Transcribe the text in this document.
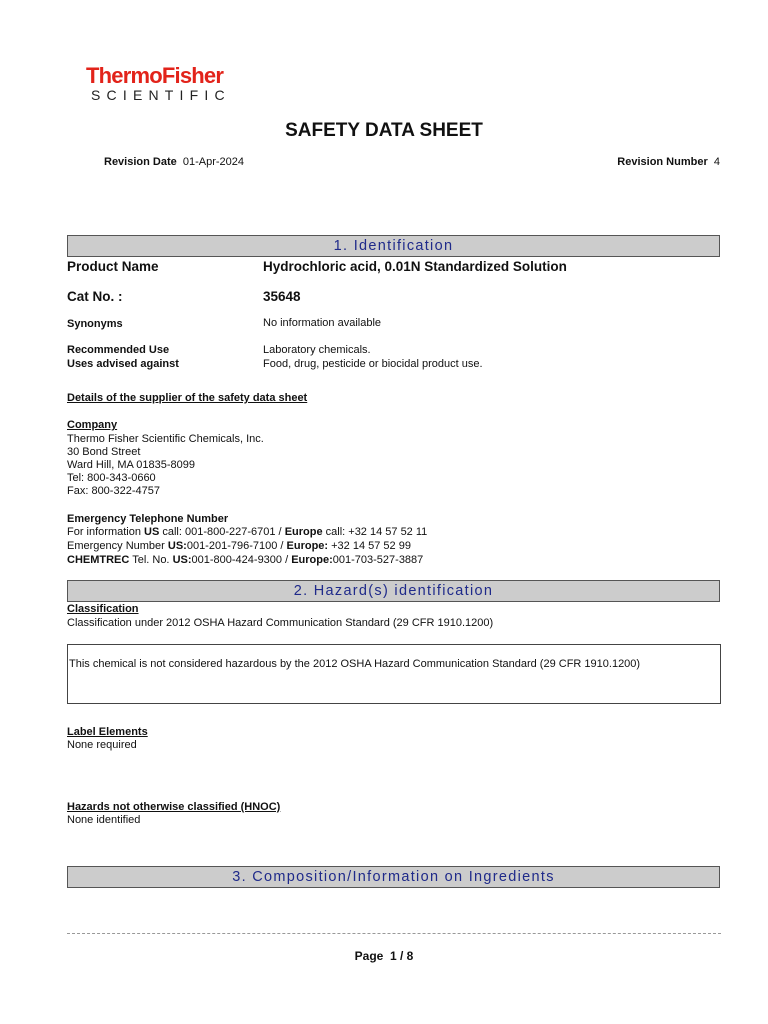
ThermoFisher
SCIENTIFIC
SAFETY DATA SHEET
Revision Date 01-Apr-2024	Revision Number 4
1. Identification
Product Name	Hydrochloric acid, 0.01N Standardized Solution
Cat No. :	35648
Synonyms	No information available
Recommended Use	Laboratory chemicals.
Uses advised against	Food, drug, pesticide or biocidal product use.
Details of the supplier of the safety data sheet
Company
Thermo Fisher Scientific Chemicals, Inc.
30 Bond Street
Ward Hill, MA 01835-8099
Tel: 800-343-0660
Fax: 800-322-4757
Emergency Telephone Number
For information US call: 001-800-227-6701 / Europe call: +32 14 57 52 11
Emergency Number US:001-201-796-7100 / Europe: +32 14 57 52 99
CHEMTREC Tel. No. US:001-800-424-9300 / Europe:001-703-527-3887
2. Hazard(s) identification
Classification
Classification under 2012 OSHA Hazard Communication Standard (29 CFR 1910.1200)
This chemical is not considered hazardous by the 2012 OSHA Hazard Communication Standard (29 CFR 1910.1200)
Label Elements
None required
Hazards not otherwise classified (HNOC)
None identified
3. Composition/Information on Ingredients
Page 1 / 8
